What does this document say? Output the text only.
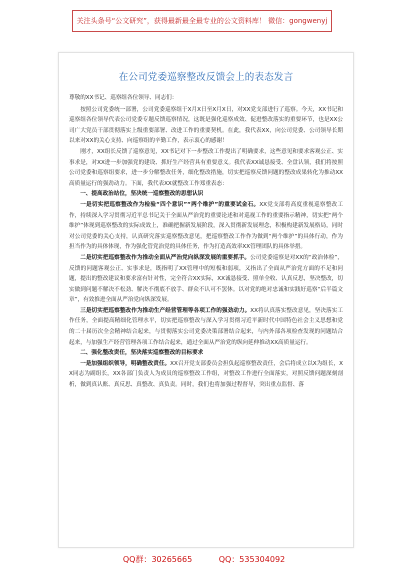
关注头条号“公文研究”，获得最新最全最专业的公文资料库！ 微信：gongwenyj
在公司党委巡察整改反馈会上的表态发言

尊敬的XX书记、巡察组各位领导、同志们：

按照公司党委统一部署，公司党委巡察组于X月X日至X月X日，对XX党支部进行了巡察。今天，XX书记和巡察组各位领导代表公司党委专题反馈巡察情况，这既是强化巡察成效、促进整改落实的重要环节，也是XX公司广大党员干部贯彻落实上级重要部署、改进工作的重要契机。在此，我代表XX，向公司党委、公司领导长期以来对XX的关心支持、向巡察组的辛勤工作，表示衷心的感谢！

刚才，XX组长反馈了巡察意见，XX书记对下一步整改工作提出了明确要求，这些意见和要求客观公正、实事求是，对XX进一步加强党的建设、抓好生产经营具有重要意义。我代表XX诚恳接受、全盘认领，我们将按照公司党委和巡察组要求，进一步分解整改任务，细化整改措施，切实把巡察反馈问题的整改成果转化为推动XX高质量运行的强劲动力。下面，我代表XX就整改工作郑重表态：

一、提高政治站位，坚决统一巡察整改的思想认识

一是切实把巡察整改作为检验“四个意识”“两个维护”的重要试金石。XX党支部将高度重视巡察整改工作，持续深入学习贯彻习近平总书记关于全面从严治党的重要论述和对巡视工作的重要指示精神，切实把“两个维护”体现到巡察整改的实际成效上，准确把握新发展阶段，深入贯彻新发展理念，积极构建新发展格局，同时对公司党委的关心支持，认真研究落实巡察整改意见，把巡察整改工作作为做到“两个维护”的具体行动，作为担当作为的具体体现，作为强化管党治党的具体任务，作为打造高效率XX管理团队的具体举措。

二是切实把巡察整改作为推动全面从严治党向纵深发展的重要抓手。公司党委巡察是对XX的“政治体检”，反馈的问题客观公正、实事求是，既指明了XX管理中的短板和弱项，又指出了全面从严治党方面的不足和问题，提出的整改建议和要求富有针对性，完全符合XX实际，XX诚恳接受、照单全收、认真反思，坚决整改，切实做到问题不解决不松劲、解决不彻底不放手、群众不认可不罢休。以对党的绝对忠诚和实践好巡察“后半篇文章”，有效推进全面从严治党向纵深发展。

三是切实把巡察整改作为推动生产经营管理等各项工作的强劲动力。XX将认真落实整改意见，坚决落实工作任务，全面提高精细化管理水平，切实把巡察整改与深入学习贯彻习近平新时代中国特色社会主义思想和党的二十届历次全会精神结合起来，与贯彻落实公司党委决策部署结合起来，与内外部各项检查发现的问题结合起来，与加强生产经营管理各项工作结合起来，通过全面从严治党的纵向延伸推动XX高质量运行。

二、强化整改责任，坚决落实巡察整改的目标要求

一是加强组织领导，明确整改责任。XX召开党支部委员会担负起巡察整改责任，会后将成立以X为组长，XX同志为副组长，XX各部门负责人为成员的巡察整改工作组，对整改工作进行全面落实，对照反馈问题深刻剖析，做到真认账、真反思、真整改、真负责。同时，我们也将加强过程督导，突出重点监督、落

QQ群：30265665	QQ：535304092
